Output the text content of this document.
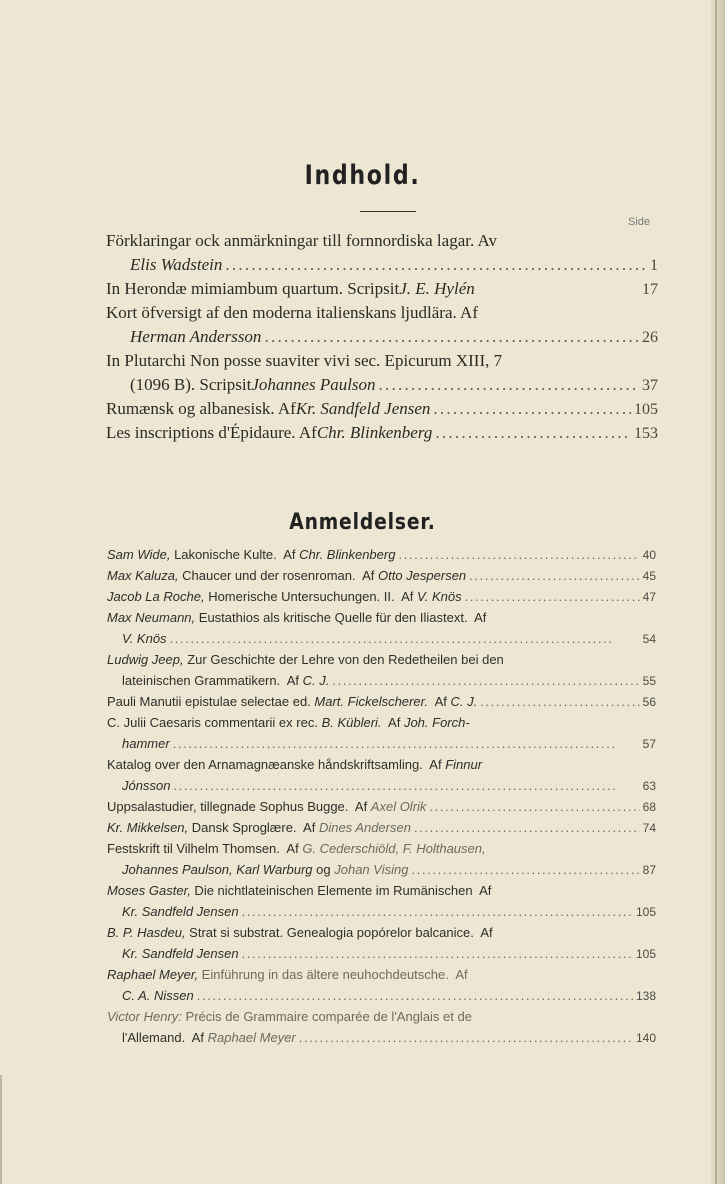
Indhold.
Side
Förklaringar ock anmärkningar till fornnordiska lagar. Av
Elis Wadstein . . .	1
In Herondæ mimiambum quartum. Scripsit J. E. Hylén	17
Kort öfversigt af den moderna italienskans ljudlära. Af
Herman Andersson . . .	26
In Plutarchi Non posse suaviter vivi sec. Epicurum XIII, 7
(1096 B). Scripsit Johannes Paulson . . .	37
Rumænsk og albanesisk. Af Kr. Sandfeld Jensen . . .	105
Les inscriptions d'Épidaure. Af Chr. Blinkenberg . . .	153
Anmeldelser.
Sam Wide, Lakonische Kulte.  Af Chr. Blinkenberg . . .	40
Max Kaluza, Chaucer und der rosenroman.  Af Otto Jespersen . . .	45
Jacob La Roche, Homerische Untersuchungen. II.  Af V. Knös . . .	47
Max Neumann, Eustathios als kritische Quelle für den Iliastext.  Af
V. Knös . . .	54
Ludwig Jeep, Zur Geschichte der Lehre von den Redetheilen bei den
lateinischen Grammatikern.  Af C. J. . . .	55
Pauli Manutii epistulae selectae ed. Mart. Fickelscherer. Af C. J. . . .	56
C. Julii Caesaris commentarii ex rec. B. Kübleri. Af Joh. Forch-
hammer . . .	57
Katalog over den Arnamagnæanske håndskriftsamling.  Af Finnur
Jónsson . . .	63
Uppsalastudier, tillegnade Sophus Bugge.  Af Axel Olrik . . .	68
Kr. Mikkelsen, Dansk Sproglære.  Af Dines Andersen . . .	74
Festskrift til Vilhelm Thomsen.  Af G. Cederschiöld, F. Holthausen,
Johannes Paulson, Karl Warburg og Johan Vising . . .	87
Moses Gaster, Die nichtlateinischen Elemente im Rumänischen  Af
Kr. Sandfeld Jensen . . .	105
B. P. Hasdeu, Strat si substrat. Genealogia popórelor balcanice.  Af
Kr. Sandfeld Jensen . . .	105
Raphael Meyer, Einführung in das ältere neuhochdeutsche.  Af
C. A. Nissen . . .	138
Victor Henry: Précis de Grammaire comparée de l'Anglais et de
l'Allemand.  Af Raphael Meyer . . .	140
